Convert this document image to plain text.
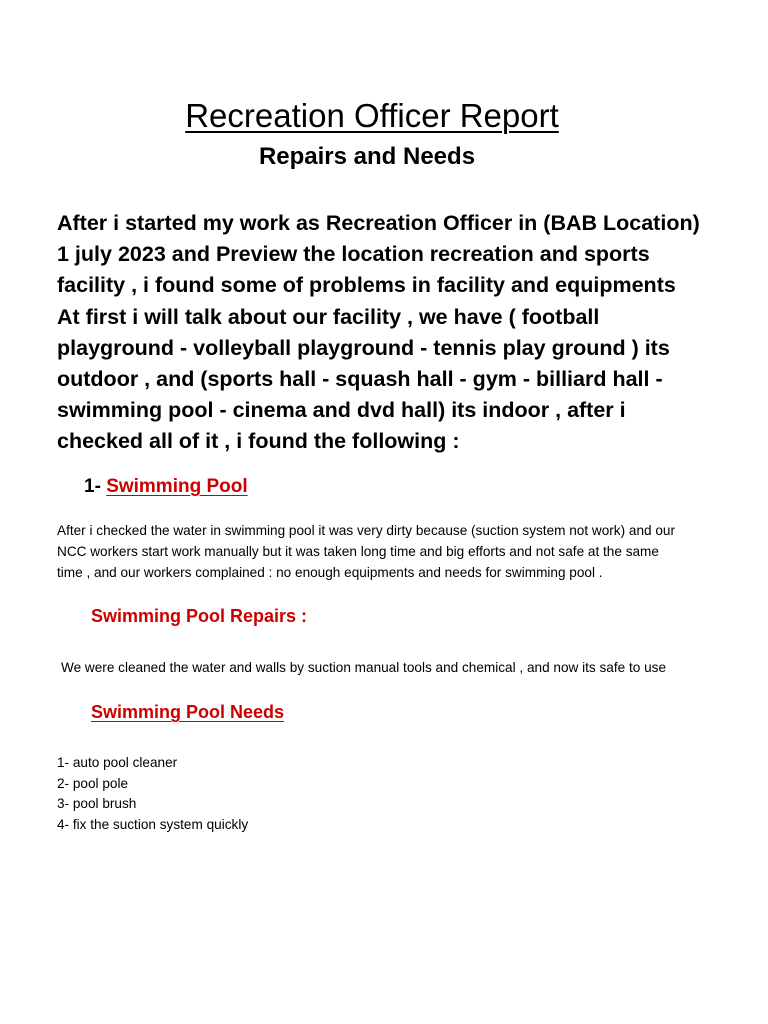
Recreation Officer Report
Repairs and Needs

After i started my work as Recreation Officer in (BAB Location)
1 july 2023 and Preview the location recreation and sports
facility , i found some of problems in facility and equipments
At first i will talk about our facility , we have ( football
playground - volleyball playground - tennis play ground ) its
outdoor , and (sports hall - squash hall - gym - billiard hall -
swimming pool - cinema and dvd hall) its indoor , after i
checked all of it , i found the following :

1- Swimming Pool

After i checked the water in swimming pool it was very dirty because (suction system not work) and our
NCC workers start work manually but it was taken long time and big efforts and not safe at the same
time , and our workers complained : no enough equipments and needs for swimming pool .

Swimming Pool Repairs :

We were cleaned the water and walls by suction manual tools and chemical , and now its safe to use

Swimming Pool Needs
1- auto pool cleaner
2- pool pole
3- pool brush
4- fix the suction system quickly
